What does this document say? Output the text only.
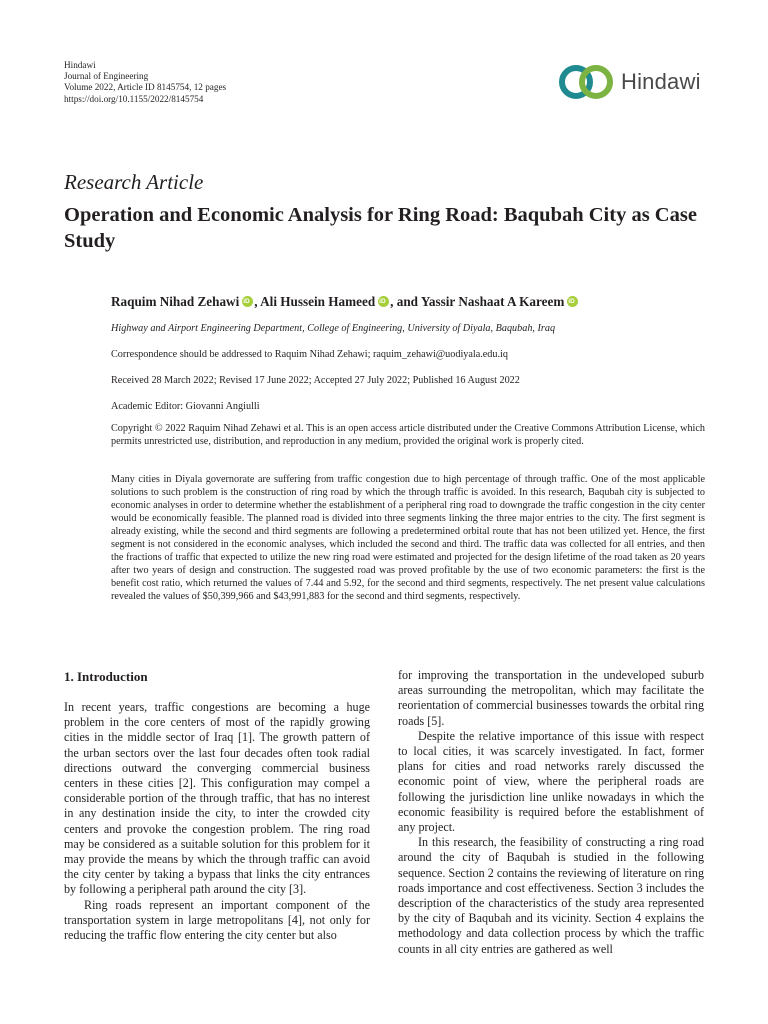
Hindawi
Journal of Engineering
Volume 2022, Article ID 8145754, 12 pages
https://doi.org/10.1155/2022/8145754
Hindawi
Research Article
Operation and Economic Analysis for Ring Road: Baqubah City as Case Study
Raquim Nihad Zehawi iD , Ali Hussein Hameed iD , and Yassir Nashaat A KareemiD
Highway and Airport Engineering Department, College of Engineering, University of Diyala, Baqubah, Iraq
Correspondence should be addressed to Raquim Nihad Zehawi; raquim_zehawi@uodiyala.edu.iq
Received 28 March 2022; Revised 17 June 2022; Accepted 27 July 2022; Published 16 August 2022
Academic Editor: Giovanni Angiulli
Copyright © 2022 Raquim Nihad Zehawi et al. This is an open access article distributed under the Creative Commons Attribution License, which permits unrestricted use, distribution, and reproduction in any medium, provided the original work is properly cited.

Many cities in Diyala governorate are suffering from traffic congestion due to high percentage of through traffic. One of the most applicable solutions to such problem is the construction of ring road by which the through traffic is avoided. In this research, Baqubah city is subjected to economic analyses in order to determine whether the establishment of a peripheral ring road to downgrade the traffic congestion in the city center would be economically feasible. The planned road is divided into three segments linking the three major entries to the city. The first segment is already existing, while the second and third segments are following a predetermined orbital route that has not been utilized yet. Hence, the first segment is not considered in the economic analyses, which included the second and third. The traffic data was collected for all entries, and then the fractions of traffic that expected to utilize the new ring road were estimated and projected for the design lifetime of the road taken as 20 years after two years of design and construction. The suggested road was proved profitable by the use of two economic parameters: the first is the benefit cost ratio, which returned the values of 7.44 and 5.92, for the second and third segments, respectively. The net present value calculations revealed the values of $50,399,966 and $43,991,883 for the second and third segments, respectively.

1. Introduction

In recent years, traffic congestions are becoming a huge problem in the core centers of most of the rapidly growing cities in the middle sector of Iraq [1]. The growth pattern of the urban sectors over the last four decades often took radial directions outward the converging commercial business centers in these cities [2]. This configuration may compel a considerable portion of the through traffic, that has no interest in any destination inside the city, to inter the crowded city centers and provoke the congestion problem. The ring road may be considered as a suitable solution for this problem for it may provide the means by which the through traffic can avoid the city center by taking a bypass that links the city entrances by following a peripheral path around the city [3].

Ring roads represent an important component of the transportation system in large metropolitans [4], not only for reducing the traffic flow entering the city center but also

for improving the transportation in the undeveloped suburb areas surrounding the metropolitan, which may facilitate the reorientation of commercial businesses towards the orbital ring roads [5].

Despite the relative importance of this issue with respect to local cities, it was scarcely investigated. In fact, former plans for cities and road networks rarely discussed the economic point of view, where the peripheral roads are following the jurisdiction line unlike nowadays in which the economic feasibility is required before the establishment of any project.

In this research, the feasibility of constructing a ring road around the city of Baqubah is studied in the following sequence. Section 2 contains the reviewing of literature on ring roads importance and cost effectiveness. Section 3 includes the description of the characteristics of the study area represented by the city of Baqubah and its vicinity. Section 4 explains the methodology and data collection process by which the traffic counts in all city entries are gathered as well
